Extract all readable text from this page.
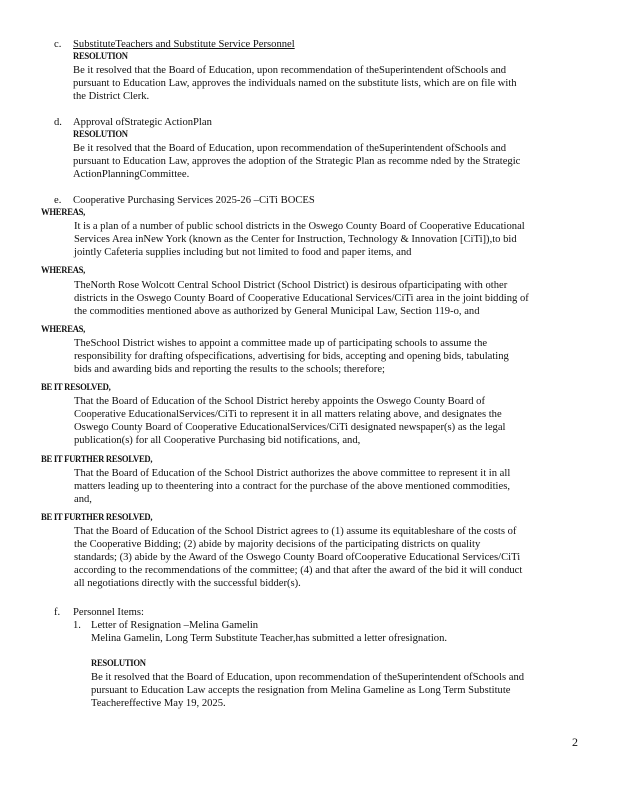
c. SubstituteTeachers and Substitute Service Personnel
RESOLUTION
Be it resolved that the Board of Education, upon recommendation of theSuperintendent ofSchools and
pursuant to Education Law, approves the individuals named on the substitute lists, which are on file with
the District Clerk.
d. Approval ofStrategic ActionPlan
RESOLUTION
Be it resolved that the Board of Education, upon recommendation of theSuperintendent ofSchools and
pursuant to Education Law, approves the adoption of the Strategic Plan as recomme nded by the Strategic
ActionPlanningCommittee.
e. Cooperative Purchasing Services 2025-26 –CiTi BOCES
WHEREAS,
It is a plan of a number of public school districts in the Oswego County Board of Cooperative Educational
Services Area inNew York (known as the Center for Instruction, Technology & Innovation [CiTi]),to bid
jointly Cafeteria supplies including but not limited to food and paper items, and
WHEREAS,
TheNorth Rose Wolcott Central School District (School District) is desirous ofparticipating with other
districts in the Oswego County Board of Cooperative Educational Services/CiTi area in the joint bidding of
the commodities mentioned above as authorized by General Municipal Law, Section 119-o, and
WHEREAS,
TheSchool District wishes to appoint a committee made up of participating schools to assume the
responsibility for drafting ofspecifications, advertising for bids, accepting and opening bids, tabulating
bids and awarding bids and reporting the results to the schools; therefore;
BE IT RESOLVED,
That the Board of Education of the School District hereby appoints the Oswego County Board of
Cooperative EducationalServices/CiTi to represent it in all matters relating above, and designates the
Oswego County Board of Cooperative EducationalServices/CiTi designated newspaper(s) as the legal
publication(s) for all Cooperative Purchasing bid notifications, and,
BE IT FURTHER RESOLVED,
That the Board of Education of the School District authorizes the above committee to represent it in all
matters leading up to theentering into a contract for the purchase of the above mentioned commodities,
and,
BE IT FURTHER RESOLVED,
That the Board of Education of the School District agrees to (1) assume its equitableshare of the costs of
the Cooperative Bidding; (2) abide by majority decisions of the participating districts on quality
standards; (3) abide by the Award of the Oswego County Board ofCooperative Educational Services/CiTi
according to the recommendations of the committee; (4) and that after the award of the bid it will conduct
all negotiations directly with the successful bidder(s).
f. Personnel Items:
1. Letter of Resignation –Melina Gamelin
Melina Gamelin, Long Term Substitute Teacher,has submitted a letter ofresignation.
RESOLUTION
Be it resolved that the Board of Education, upon recommendation of theSuperintendent ofSchools and
pursuant to Education Law accepts the resignation from Melina Gameline as Long Term Substitute
Teachereffective May 19, 2025.
2
